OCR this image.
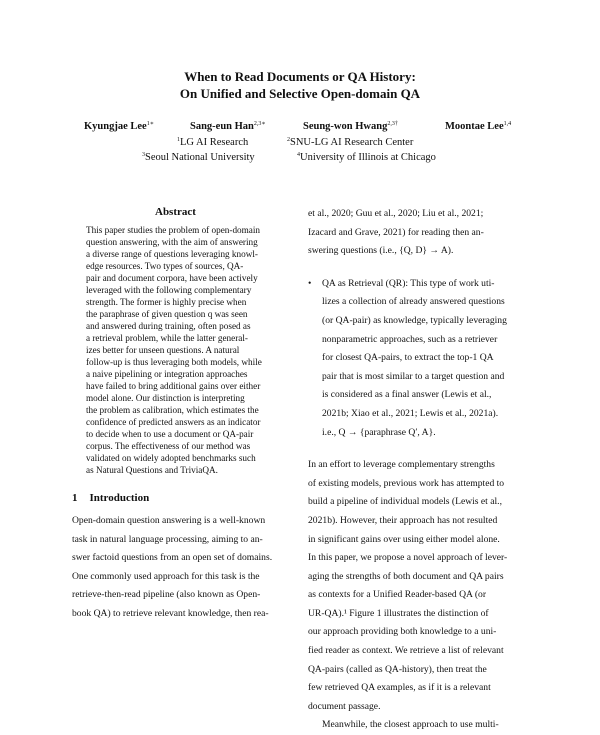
When to Read Documents or QA History:
On Unified and Selective Open-domain QA
Kyungjae Lee$^{1∗}$	Sang-eun Han$^{2,3∗}$	Seung-won Hwang$^{2,3\dagger}$	Moontae Lee$^{1,4}$
$^1$LG AI Research	$^2$SNU-LG AI Research Center
$^3$Seoul National University	$^4$University of Illinois at Chicago
Abstract

This paper studies the problem of open-domain

question answering, with the aim of answering

a diverse range of questions leveraging knowl-

edge resources. Two types of sources, QA-

pair and document corpora, have been actively

leveraged with the following complementary

strength. The former is highly precise when

the paraphrase of given question q was seen

and answered during training, often posed as

a retrieval problem, while the latter general-

izes better for unseen questions. A natural

follow-up is thus leveraging both models, while

a naive pipelining or integration approaches

have failed to bring additional gains over either

model alone. Our distinction is interpreting

the problem as calibration, which estimates the

confidence of predicted answers as an indicator

to decide when to use a document or QA-pair

corpus. The effectiveness of our method was

validated on widely adopted benchmarks such

as Natural Questions and TriviaQA.

1 Introduction

Open-domain question answering is a well-known

task in natural language processing, aiming to an-

swer factoid questions from an open set of domains.

One commonly used approach for this task is the

retrieve-then-read pipeline (also known as Open-

book QA) to retrieve relevant knowledge, then rea-

et al., 2020; Guu et al., 2020; Liu et al., 2021;

Izacard and Grave, 2021) for reading then an-

swering questions (i.e., {Q, D} → A).

• QA as Retrieval (QR): This type of work uti-

lizes a collection of already answered questions

(or QA-pair) as knowledge, typically leveraging

nonparametric approaches, such as a retriever

for closest QA-pairs, to extract the top-1 QA

pair that is most similar to a target question and

is considered as a final answer (Lewis et al.,

2021b; Xiao et al., 2021; Lewis et al., 2021a).

i.e., Q → {paraphrase Q′, A}.

In an effort to leverage complementary strengths

of existing models, previous work has attempted to

build a pipeline of individual models (Lewis et al.,

2021b). However, their approach has not resulted

in significant gains over using either model alone.

In this paper, we propose a novel approach of lever-

aging the strengths of both document and QA pairs

as contexts for a Unified Reader-based QA (or

UR-QA).¹ Figure 1 illustrates the distinction of

our approach providing both knowledge to a uni-

fied reader as context. We retrieve a list of relevant

QA-pairs (called as QA-history), then treat the

few retrieved QA examples, as if it is a relevant

document passage.

Meanwhile, the closest approach to use multi-
